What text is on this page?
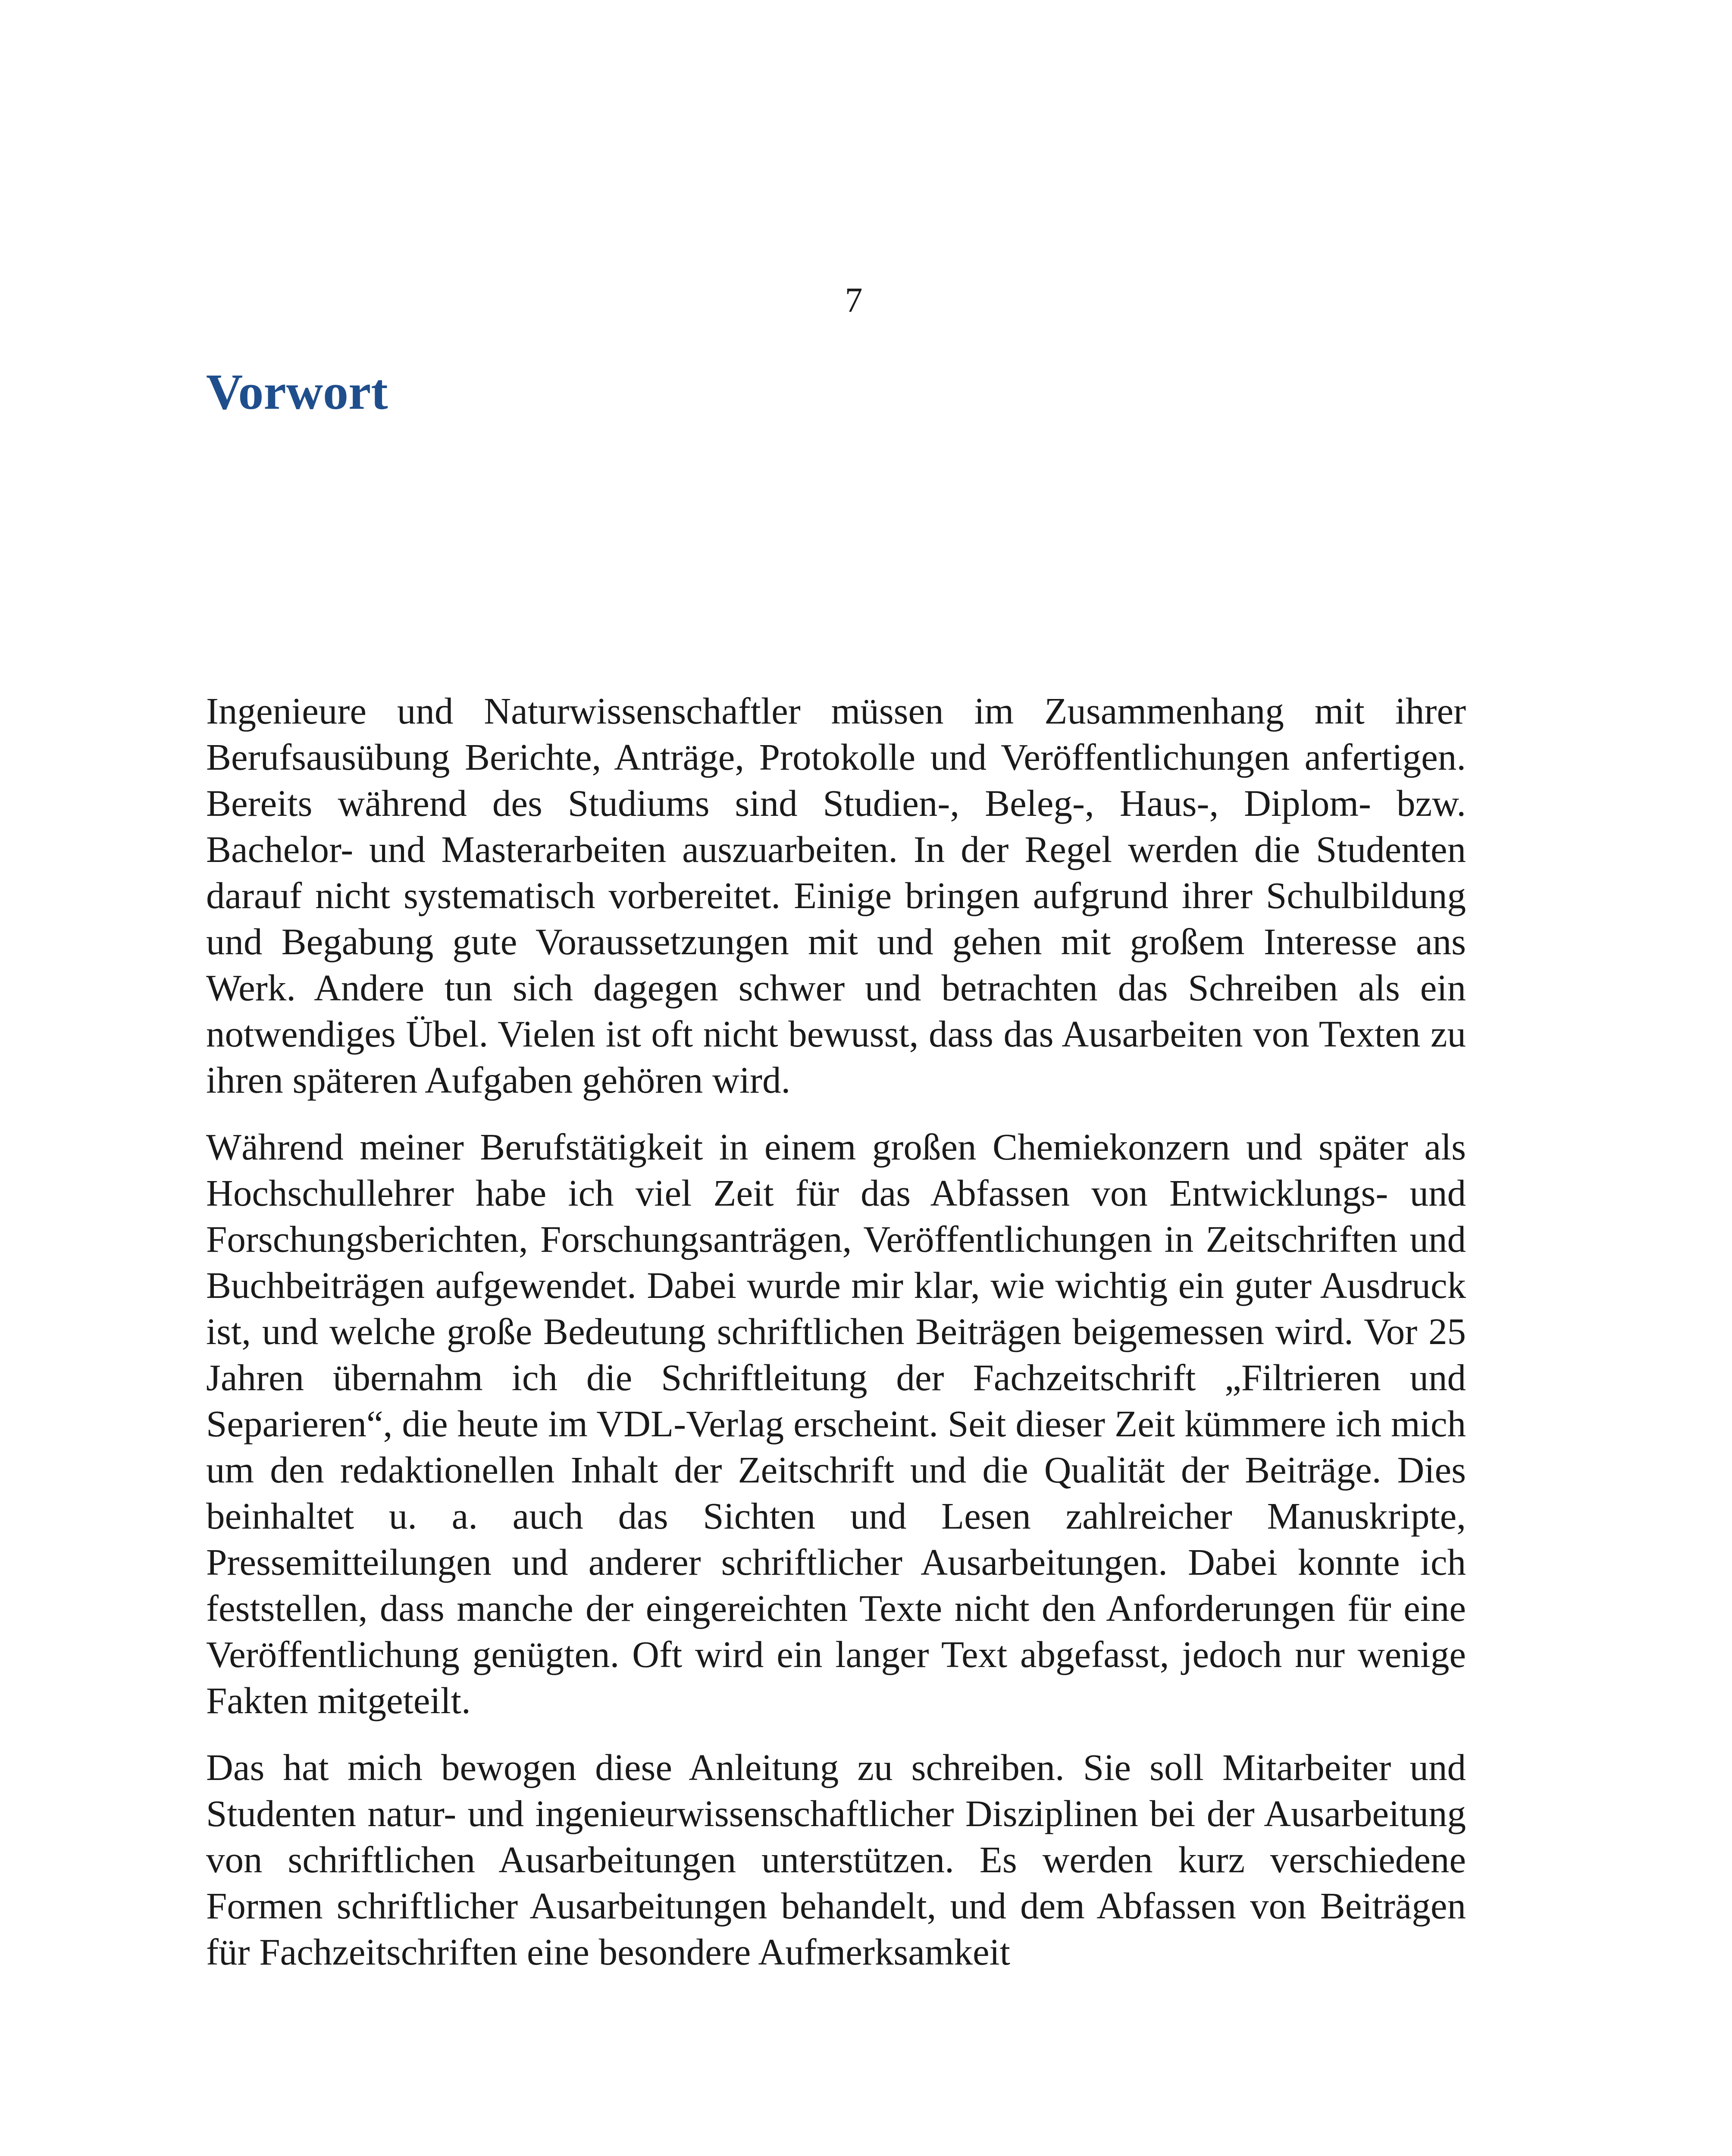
7
Vorwort

Ingenieure und Naturwissenschaftler müssen im Zusammenhang mit ihrer Berufsausübung Berichte, Anträge, Protokolle und Veröffentlichungen anfertigen. Bereits während des Studiums sind Studien-, Beleg-, Haus-, Diplom- bzw. Bachelor- und Masterarbeiten auszuarbeiten. In der Regel werden die Studenten darauf nicht systematisch vorbereitet. Einige bringen aufgrund ihrer Schulbildung und Begabung gute Voraussetzungen mit und gehen mit großem Interesse ans Werk. Andere tun sich dagegen schwer und betrachten das Schreiben als ein notwendiges Übel. Vielen ist oft nicht bewusst, dass das Ausarbeiten von Texten zu ihren späteren Aufgaben gehören wird.

Während meiner Berufstätigkeit in einem großen Chemiekonzern und später als Hochschullehrer habe ich viel Zeit für das Abfassen von Entwicklungs- und Forschungsberichten, Forschungsanträgen, Veröffentlichungen in Zeitschriften und Buchbeiträgen aufgewendet. Dabei wurde mir klar, wie wichtig ein guter Ausdruck ist, und welche große Bedeutung schriftlichen Beiträgen beigemessen wird. Vor 25 Jahren übernahm ich die Schriftleitung der Fachzeitschrift „Filtrieren und Separieren“, die heute im VDL-Verlag erscheint. Seit dieser Zeit kümmere ich mich um den redaktionellen Inhalt der Zeitschrift und die Qualität der Beiträge. Dies beinhaltet u. a. auch das Sichten und Lesen zahlreicher Manuskripte, Pressemitteilungen und anderer schriftlicher Ausarbeitungen. Dabei konnte ich feststellen, dass manche der eingereichten Texte nicht den Anforderungen für eine Veröffentlichung genügten. Oft wird ein langer Text abgefasst, jedoch nur wenige Fakten mitgeteilt.

Das hat mich bewogen diese Anleitung zu schreiben. Sie soll Mitarbeiter und Studenten natur- und ingenieurwissenschaftlicher Disziplinen bei der Ausarbeitung von schriftlichen Ausarbeitungen unterstützen. Es werden kurz verschiedene Formen schriftlicher Ausarbeitungen behandelt, und dem Abfassen von Beiträgen für Fachzeitschriften eine besondere Aufmerksamkeit
